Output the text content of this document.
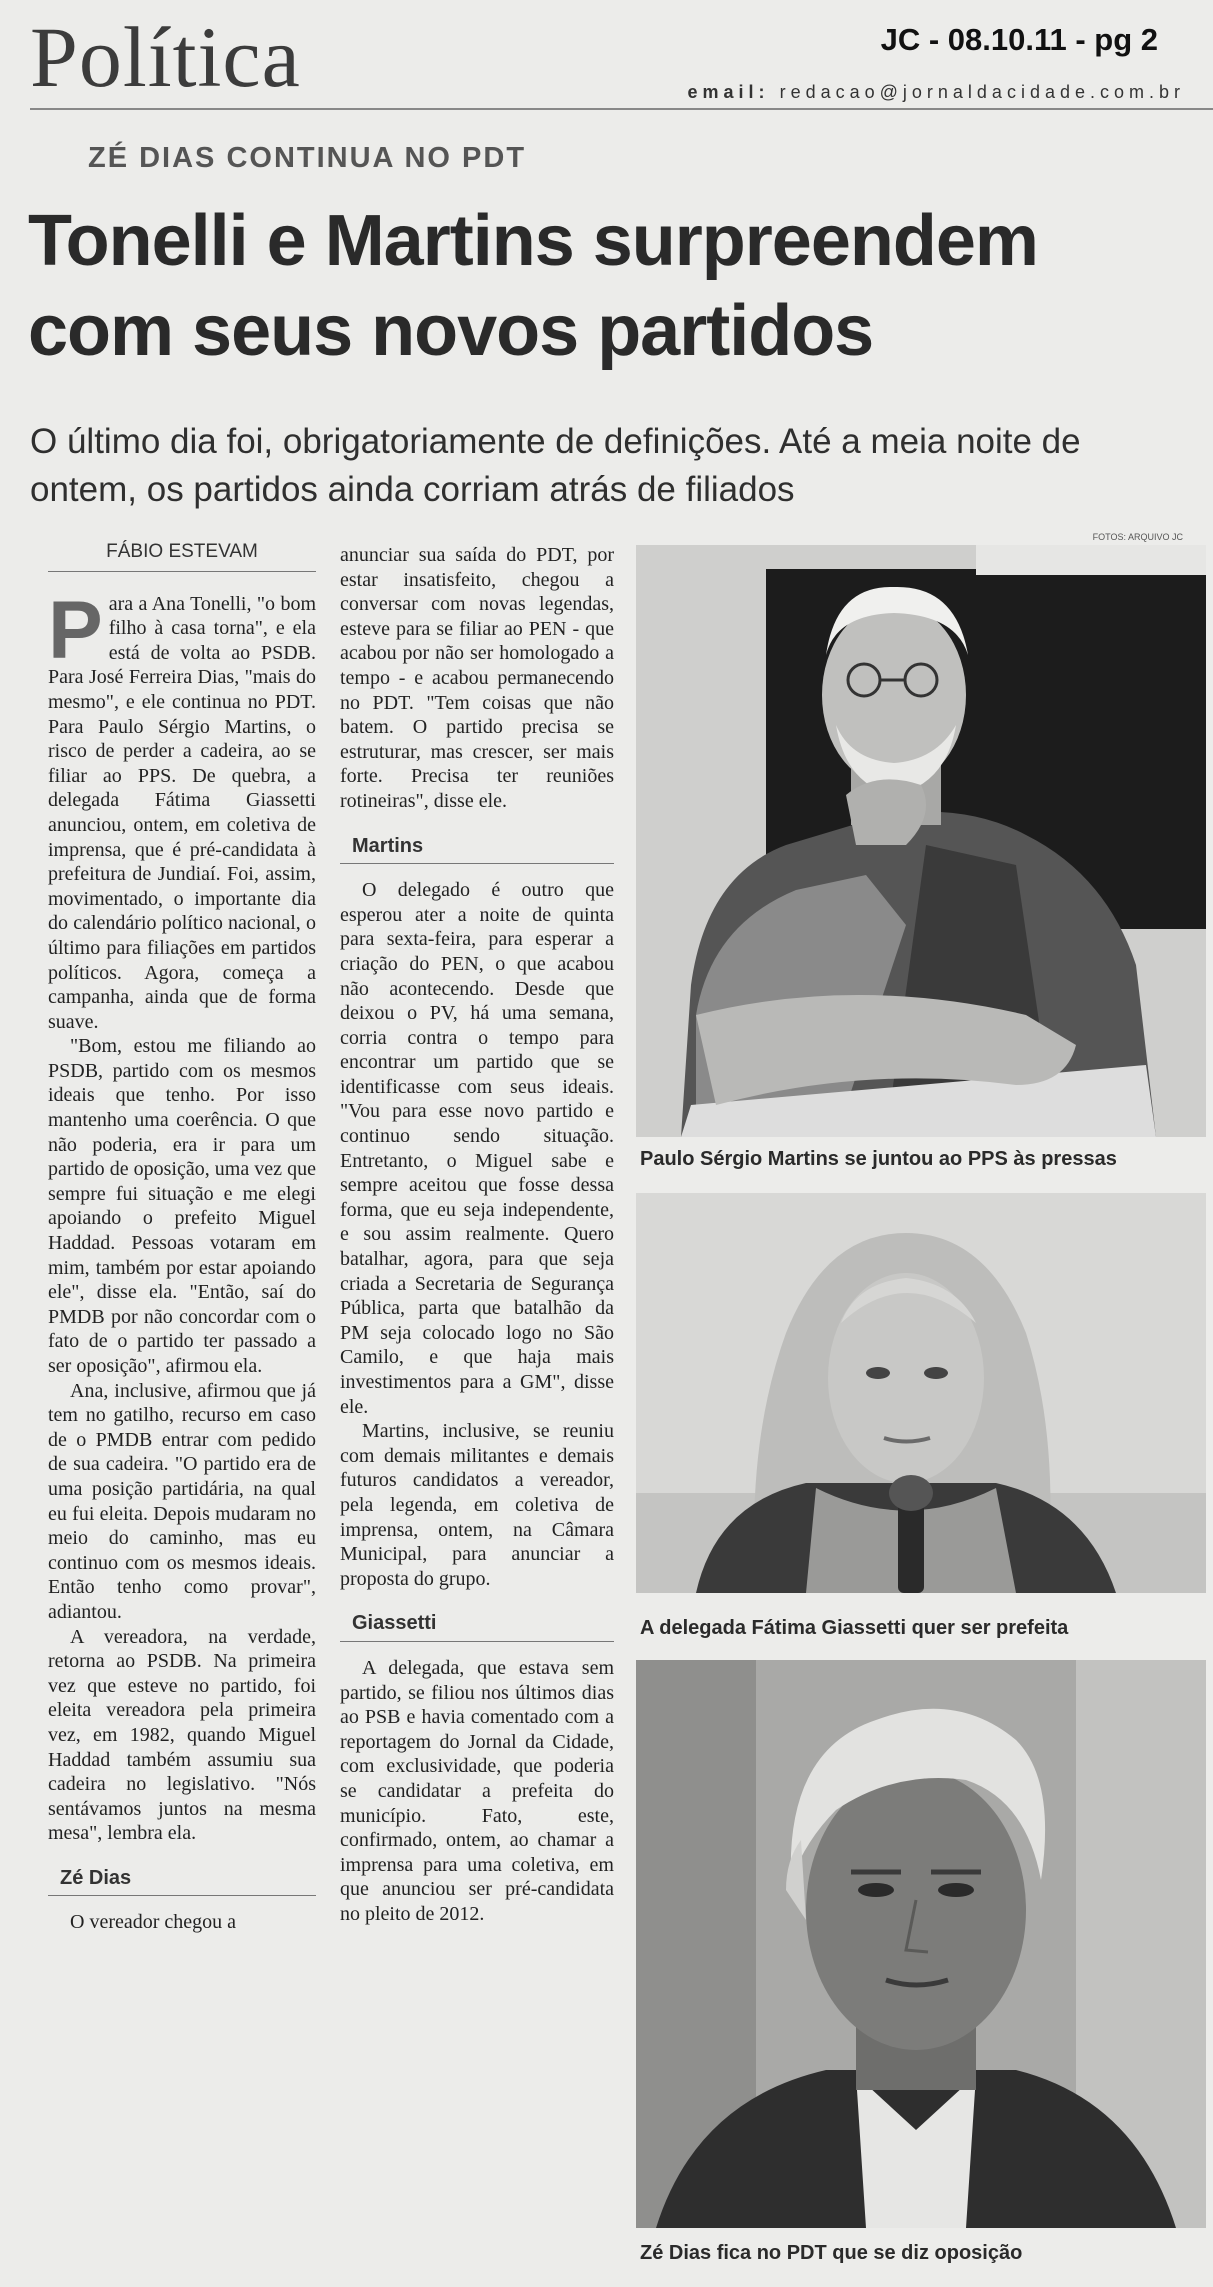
Política	JC - 08.10.11 - pg 2
email: redacao@jornaldacidade.com.br
ZÉ DIAS CONTINUA NO PDT
Tonelli e Martins surpreendem com seus novos partidos
O último dia foi, obrigatoriamente de definições. Até a meia noite de ontem, os partidos ainda corriam atrás de filiados
FÁBIO ESTEVAM

Para a Ana Tonelli, "o bom filho à casa torna", e ela está de volta ao PSDB. Para José Ferreira Dias, "mais do mesmo", e ele continua no PDT. Para Paulo Sérgio Martins, o risco de perder a cadeira, ao se filiar ao PPS. De quebra, a delegada Fátima Giassetti anunciou, ontem, em coletiva de imprensa, que é pré-candidata à prefeitura de Jundiaí. Foi, assim, movimentado, o importante dia do calendário político nacional, o último para filiações em partidos políticos. Agora, começa a campanha, ainda que de forma suave.

"Bom, estou me filiando ao PSDB, partido com os mesmos ideais que tenho. Por isso mantenho uma coerência. O que não poderia, era ir para um partido de oposição, uma vez que sempre fui situação e me elegi apoiando o prefeito Miguel Haddad. Pessoas votaram em mim, também por estar apoiando ele", disse ela. "Então, saí do PMDB por não concordar com o fato de o partido ter passado a ser oposição", afirmou ela.

Ana, inclusive, afirmou que já tem no gatilho, recurso em caso de o PMDB entrar com pedido de sua cadeira. "O partido era de uma posição partidária, na qual eu fui eleita. Depois mudaram no meio do caminho, mas eu continuo com os mesmos ideais. Então tenho como provar", adiantou.

A vereadora, na verdade, retorna ao PSDB. Na primeira vez que esteve no partido, foi eleita vereadora pela primeira vez, em 1982, quando Miguel Haddad também assumiu sua cadeira no legislativo. "Nós sentávamos juntos na mesma mesa", lembra ela.

Zé Dias

O vereador chegou a

anunciar sua saída do PDT, por estar insatisfeito, chegou a conversar com novas legendas, esteve para se filiar ao PEN - que acabou por não ser homologado a tempo - e acabou permanecendo no PDT. "Tem coisas que não batem. O partido precisa se estruturar, mas crescer, ser mais forte. Precisa ter reuniões rotineiras", disse ele.

Martins

O delegado é outro que esperou ater a noite de quinta para sexta-feira, para esperar a criação do PEN, o que acabou não acontecendo. Desde que deixou o PV, há uma semana, corria contra o tempo para encontrar um partido que se identificasse com seus ideais. "Vou para esse novo partido e continuo sendo situação. Entretanto, o Miguel sabe e sempre aceitou que fosse dessa forma, que eu seja independente, e sou assim realmente. Quero batalhar, agora, para que seja criada a Secretaria de Segurança Pública, parta que batalhão da PM seja colocado logo no São Camilo, e que haja mais investimentos para a GM", disse ele.

Martins, inclusive, se reuniu com demais militantes e demais futuros candidatos a vereador, pela legenda, em coletiva de imprensa, ontem, na Câmara Municipal, para anunciar a proposta do grupo.

Giassetti

A delegada, que estava sem partido, se filiou nos últimos dias ao PSB e havia comentado com a reportagem do Jornal da Cidade, com exclusividade, que poderia se candidatar a prefeita do município. Fato, este, confirmado, ontem, ao chamar a imprensa para uma coletiva, em que anunciou ser pré-candidata no pleito de 2012.

FOTOS: ARQUIVO JC
Paulo Sérgio Martins se juntou ao PPS às pressas
A delegada Fátima Giassetti quer ser prefeita
Zé Dias fica no PDT que se diz oposição
